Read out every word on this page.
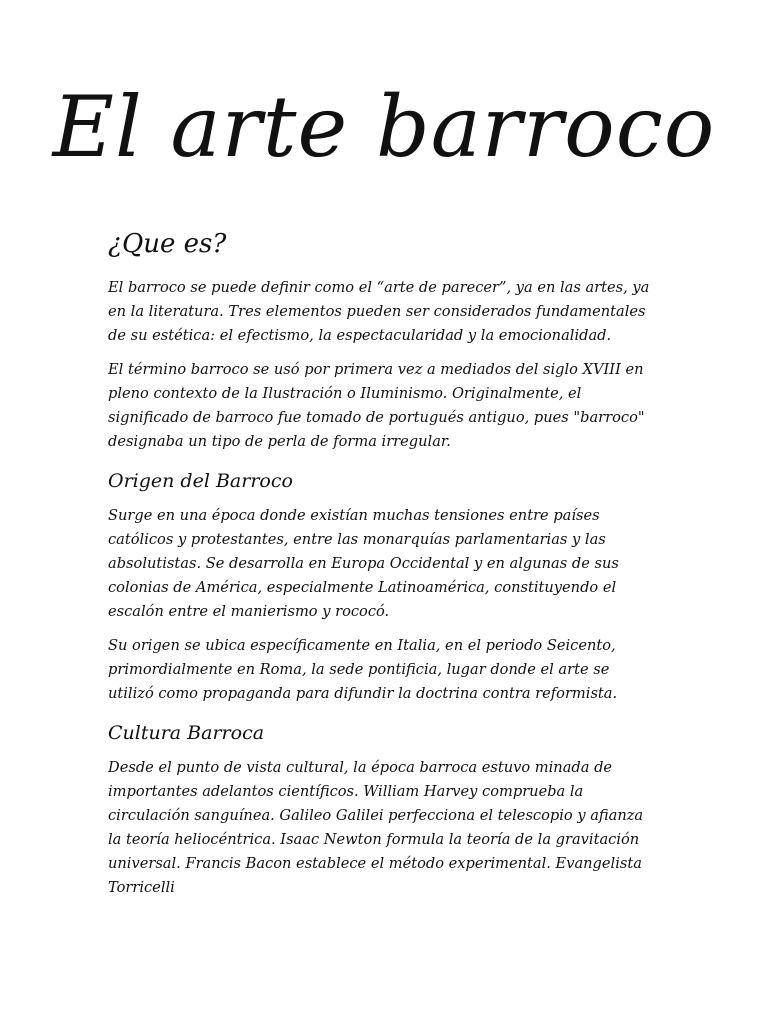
El arte barroco
¿Que es?

El barroco se puede definir como el “arte de parecer”, ya en las artes, ya en la literatura. Tres elementos pueden ser considerados fundamentales de su estética: el efectismo, la espectacularidad y la emocionalidad.

El término barroco se usó por primera vez a mediados del siglo XVIII en pleno contexto de la Ilustración o Iluminismo. Originalmente, el significado de barroco fue tomado de portugués antiguo, pues "barroco" designaba un tipo de perla de forma irregular.

Origen del Barroco

Surge en una época donde existían muchas tensiones entre países católicos y protestantes, entre las monarquías parlamentarias y las absolutistas. Se desarrolla en Europa Occidental y en algunas de sus colonias de América, especialmente Latinoamérica, constituyendo el escalón entre el manierismo y rococó.

Su origen se ubica específicamente en Italia, en el periodo Seicento, primordialmente en Roma, la sede pontificia, lugar donde el arte se utilizó como propaganda para difundir la doctrina contra reformista.

Cultura Barroca

Desde el punto de vista cultural, la época barroca estuvo minada de importantes adelantos científicos. William Harvey comprueba la circulación sanguínea. Galileo Galilei perfecciona el telescopio y afianza la teoría heliocéntrica. Isaac Newton formula la teoría de la gravitación universal. Francis Bacon establece el método experimental. Evangelista Torricelli
